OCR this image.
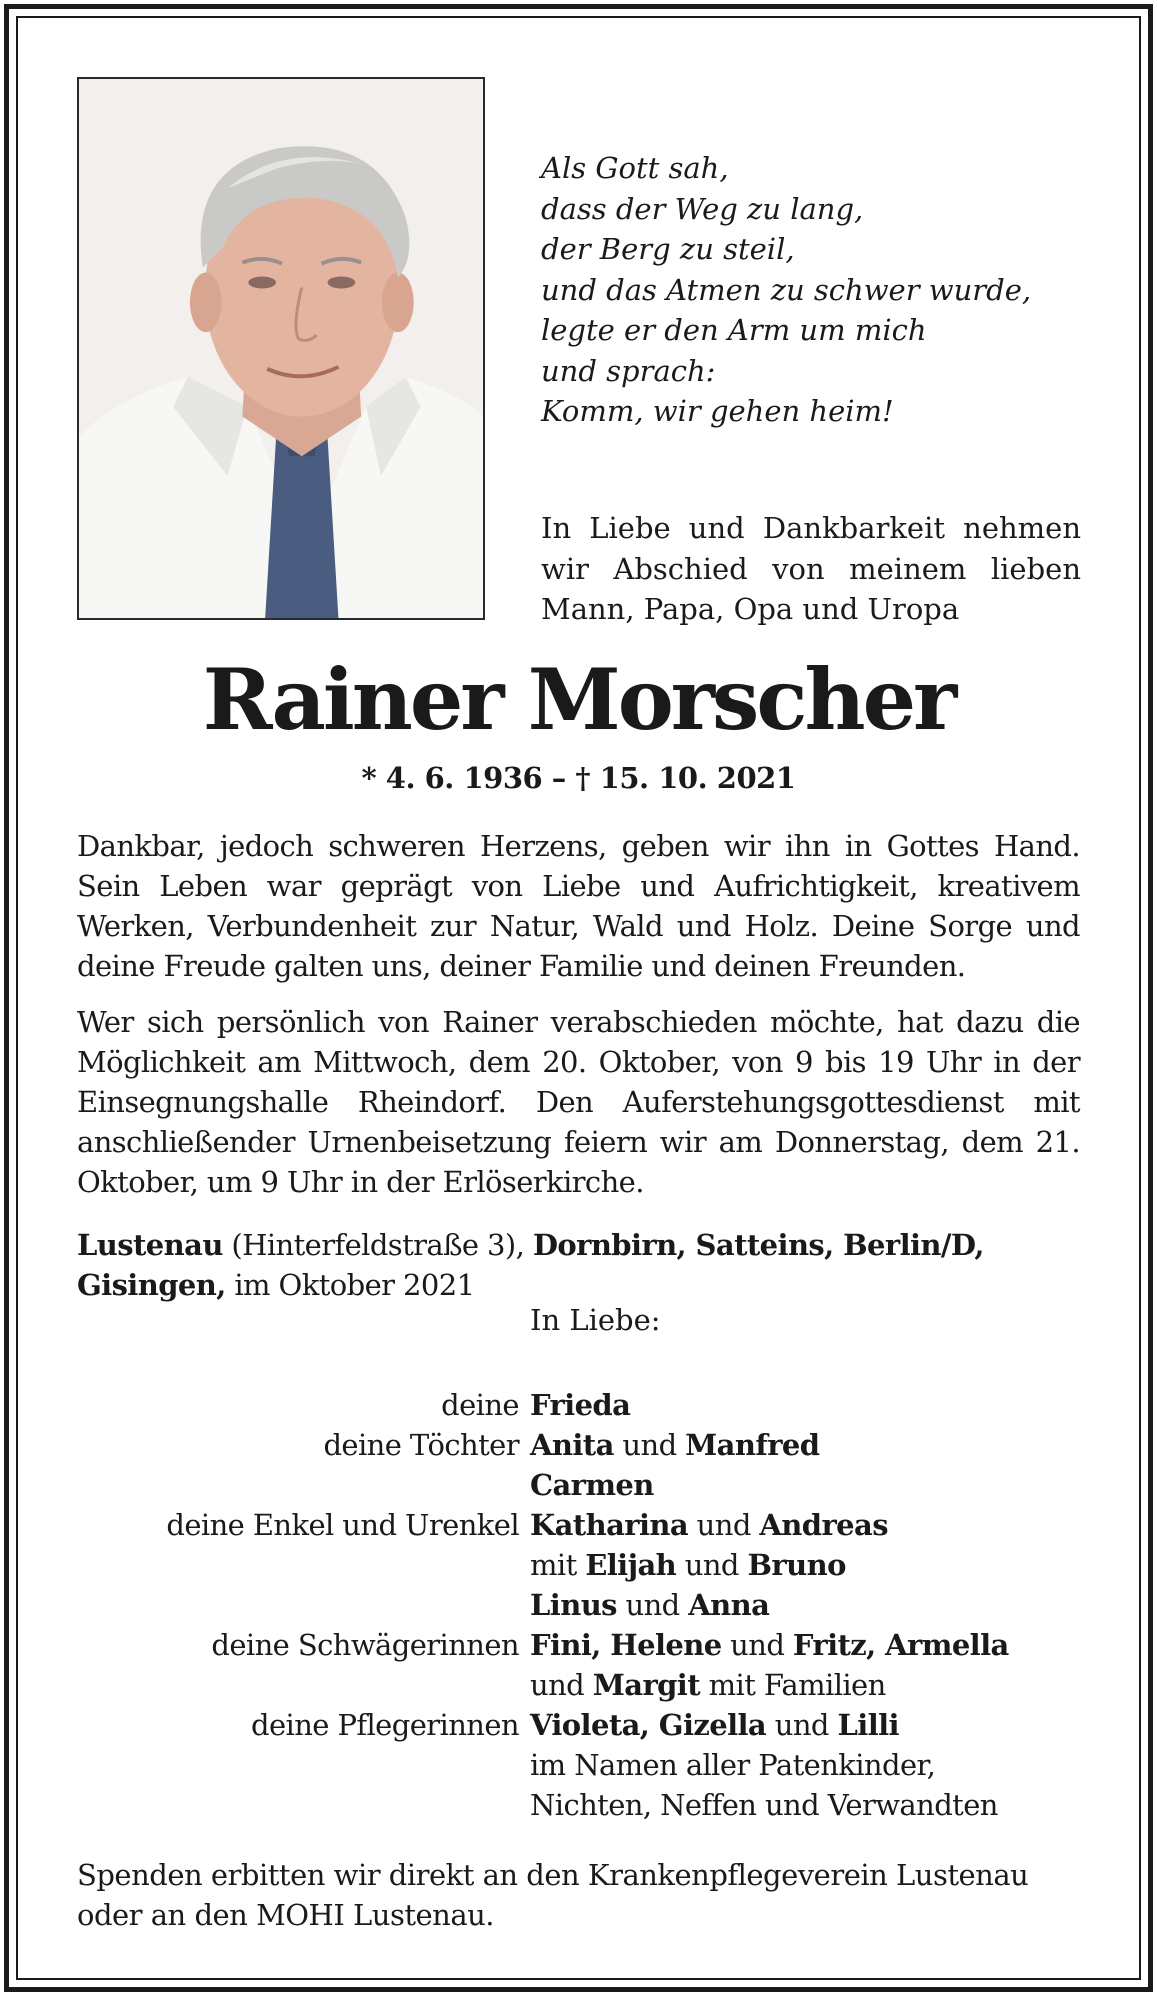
Als Gott sah,
dass der Weg zu lang,
der Berg zu steil,
und das Atmen zu schwer wurde,
legte er den Arm um mich
und sprach:
Komm, wir gehen heim!
In Liebe und Dankbarkeit nehmen wir Abschied von meinem lieben Mann, Papa, Opa und Uropa
Rainer Morscher
* 4. 6. 1936 – † 15. 10. 2021
Dankbar, jedoch schweren Herzens, geben wir ihn in Gottes Hand. Sein Leben war geprägt von Liebe und Aufrichtigkeit, kreativem Werken, Verbundenheit zur Natur, Wald und Holz. Deine Sorge und deine Freude galten uns, deiner Familie und deinen Freunden.
Wer sich persönlich von Rainer verabschieden möchte, hat dazu die Möglichkeit am Mittwoch, dem 20. Oktober, von 9 bis 19 Uhr in der Einsegnungshalle Rheindorf. Den Auferstehungsgottesdienst mit anschließender Urnenbeisetzung feiern wir am Donnerstag, dem 21. Oktober, um 9 Uhr in der Erlöserkirche.
Lustenau (Hinterfeldstraße 3), Dornbirn, Satteins, Berlin/D, Gisingen, im Oktober 2021
In Liebe:
deine Frieda
deine Töchter Anita und Manfred
Carmen
deine Enkel und Urenkel Katharina und Andreas
mit Elijah und Bruno
Linus und Anna
deine Schwägerinnen Fini, Helene und Fritz, Armella
und Margit mit Familien
deine Pflegerinnen Violeta, Gizella und Lilli
im Namen aller Patenkinder,
Nichten, Neffen und Verwandten
Spenden erbitten wir direkt an den Krankenpflegeverein Lustenau oder an den MOHI Lustenau.
